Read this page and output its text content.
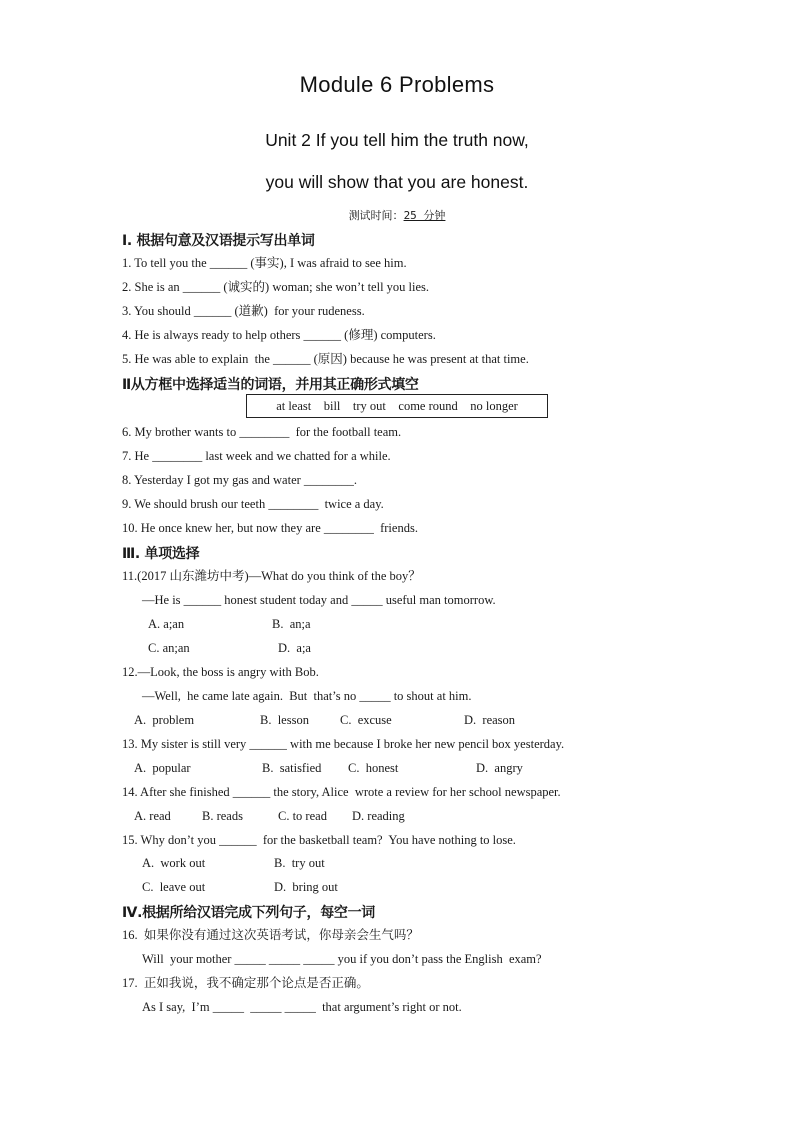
Module 6 Problems
Unit 2 If you tell him the truth now,
you will show that you are honest.
测试时间：25 分钟
Ⅰ. 根据句意及汉语提示写出单词
1. To tell you the ______ (事实), I was afraid to see him.
2. She is an ______ (诚实的) woman; she won’t tell you lies.
3. You should ______ (道歉)  for your rudeness.
4. He is always ready to help others ______ (修理) computers.
5. He was able to explain  the ______ (原因) because he was present at that time.
Ⅱ从方框中选择适当的词语，并用其正确形式填空
at least    bill    try out    come round    no longer
6. My brother wants to ________  for the football team.
7. He ________ last week and we chatted for a while.
8. Yesterday I got my gas and water ________.
9. We should brush our teeth ________  twice a day.
10. He once knew her, but now they are ________  friends.
Ⅲ. 单项选择
11.(2017 山东潍坊中考)—What do you think of the boy？
—He is ______ honest student today and _____ useful man tomorrow.
A. a;an	B.  an;a
C. an;an	D.  a;a
12.—Look, the boss is angry with Bob.
—Well,  he came late again.  But  that’s no _____ to shout at him.
A.  problem	B.  lesson C.  excuse	D.  reason
13. My sister is still very ______ with me because I broke her new pencil box yesterday.
A.  popular	B.  satisfied C.  honest	D.  angry
14. After she finished ______ the story, Alice  wrote a review for her school newspaper.
A. read B. reads	C. to read D. reading
15. Why don’t you ______  for the basketball team?  You have nothing to lose.
A.  work out	B.  try out
C.  leave out	D.  bring out
Ⅳ.根据所给汉语完成下列句子，每空一词
16.  如果你没有通过这次英语考试，你母亲会生气吗？
Will  your mother _____ _____ _____ you if you don’t pass the English  exam?
17.  正如我说，我不确定那个论点是否正确。
As I say,  I’m _____  _____ _____  that argument’s right or not.
